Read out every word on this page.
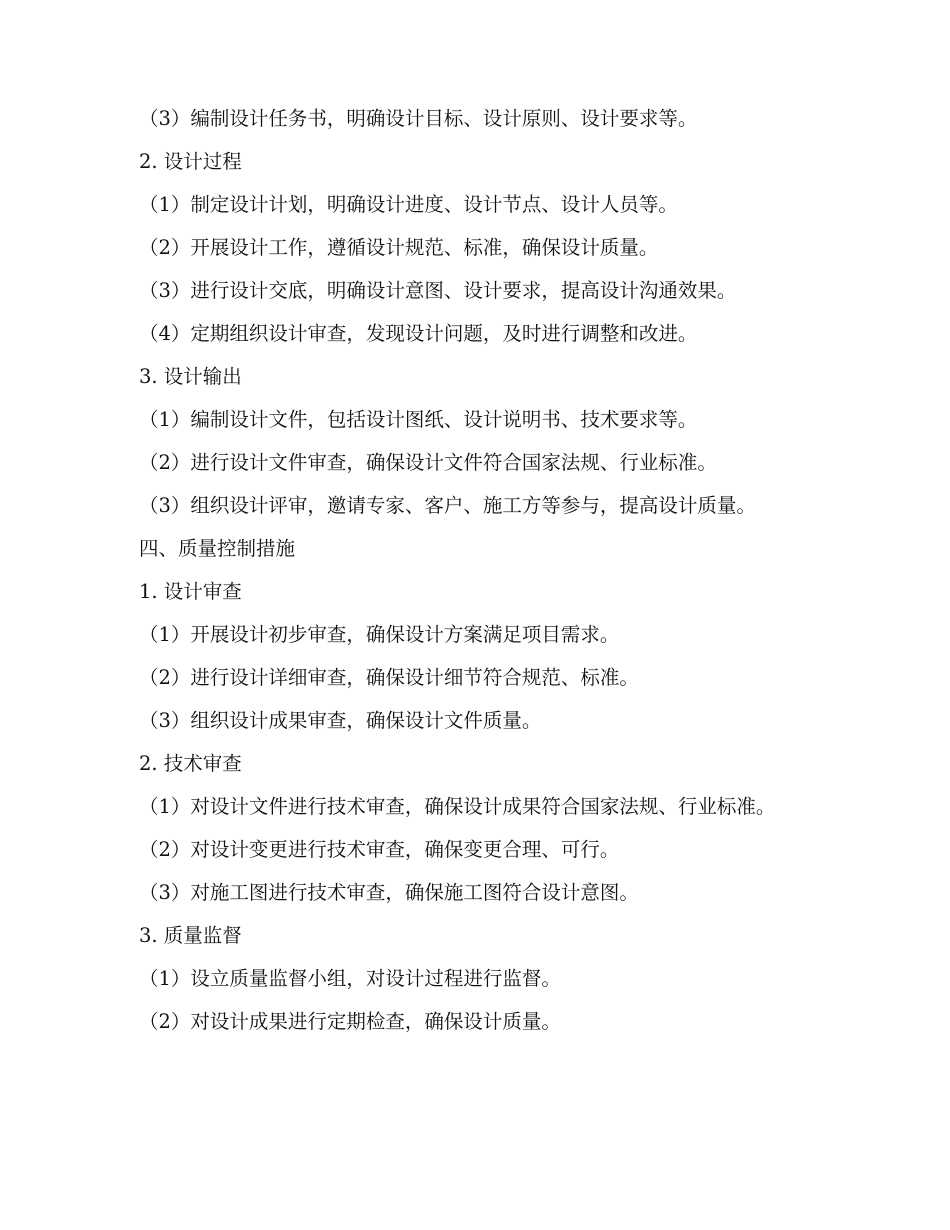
（3）编制设计任务书，明确设计目标、设计原则、设计要求等。

2. 设计过程

（1）制定设计计划，明确设计进度、设计节点、设计人员等。

（2）开展设计工作，遵循设计规范、标准，确保设计质量。

（3）进行设计交底，明确设计意图、设计要求，提高设计沟通效果。

（4）定期组织设计审查，发现设计问题，及时进行调整和改进。

3. 设计输出

（1）编制设计文件，包括设计图纸、设计说明书、技术要求等。

（2）进行设计文件审查，确保设计文件符合国家法规、行业标准。

（3）组织设计评审，邀请专家、客户、施工方等参与，提高设计质量。

四、质量控制措施

1. 设计审查

（1）开展设计初步审查，确保设计方案满足项目需求。

（2）进行设计详细审查，确保设计细节符合规范、标准。

（3）组织设计成果审查，确保设计文件质量。

2. 技术审查

（1）对设计文件进行技术审查，确保设计成果符合国家法规、行业标准。

（2）对设计变更进行技术审查，确保变更合理、可行。

（3）对施工图进行技术审查，确保施工图符合设计意图。

3. 质量监督

（1）设立质量监督小组，对设计过程进行监督。

（2）对设计成果进行定期检查，确保设计质量。
